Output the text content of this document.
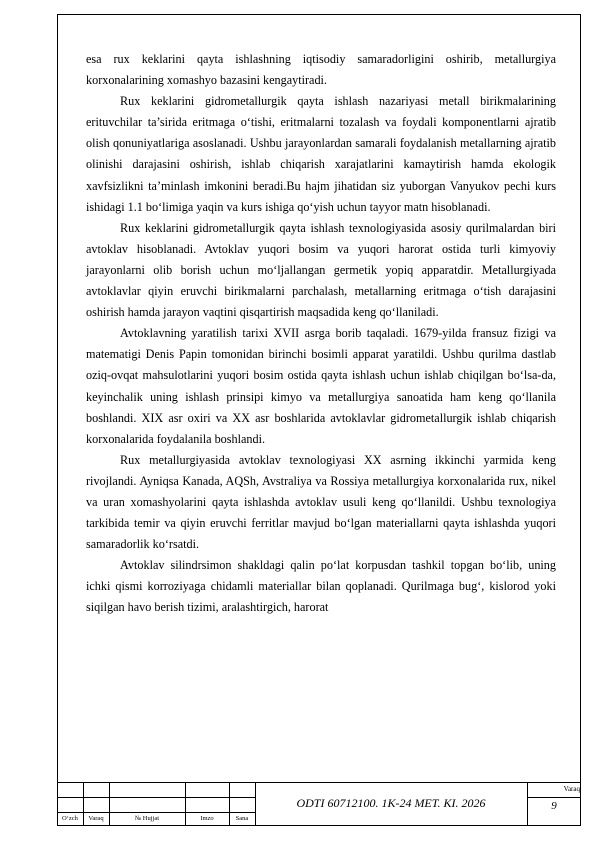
esa rux keklarini qayta ishlashning iqtisodiy samaradorligini oshirib, metallurgiya korxonalarining xomashyo bazasini kengaytiradi.

Rux keklarini gidrometallurgik qayta ishlash nazariyasi metall birikmalarining erituvchilar ta’sirida eritmaga o‘tishi, eritmalarni tozalash va foydali komponentlarni ajratib olish qonuniyatlariga asoslanadi. Ushbu jarayonlardan samarali foydalanish metallarning ajratib olinishi darajasini oshirish, ishlab chiqarish xarajatlarini kamaytirish hamda ekologik xavfsizlikni ta’minlash imkonini beradi.Bu hajm jihatidan siz yuborgan Vanyukov pechi kurs ishidagi 1.1 bo‘limiga yaqin va kurs ishiga qo‘yish uchun tayyor matn hisoblanadi.

Rux keklarini gidrometallurgik qayta ishlash texnologiyasida asosiy qurilmalardan biri avtoklav hisoblanadi. Avtoklav yuqori bosim va yuqori harorat ostida turli kimyoviy jarayonlarni olib borish uchun mo‘ljallangan germetik yopiq apparatdir. Metallurgiyada avtoklavlar qiyin eruvchi birikmalarni parchalash, metallarning eritmaga o‘tish darajasini oshirish hamda jarayon vaqtini qisqartirish maqsadida keng qo‘llaniladi.

Avtoklavning yaratilish tarixi XVII asrga borib taqaladi. 1679-yilda fransuz fizigi va matematigi Denis Papin tomonidan birinchi bosimli apparat yaratildi. Ushbu qurilma dastlab oziq-ovqat mahsulotlarini yuqori bosim ostida qayta ishlash uchun ishlab chiqilgan bo‘lsa-da, keyinchalik uning ishlash prinsipi kimyo va metallurgiya sanoatida ham keng qo‘llanila boshlandi. XIX asr oxiri va XX asr boshlarida avtoklavlar gidrometallurgik ishlab chiqarish korxonalarida foydalanila boshlandi.

Rux metallurgiyasida avtoklav texnologiyasi XX asrning ikkinchi yarmida keng rivojlandi. Ayniqsa Kanada, AQSh, Avstraliya va Rossiya metallurgiya korxonalarida rux, nikel va uran xomashyolarini qayta ishlashda avtoklav usuli keng qo‘llanildi. Ushbu texnologiya tarkibida temir va qiyin eruvchi ferritlar mavjud bo‘lgan materiallarni qayta ishlashda yuqori samaradorlik ko‘rsatdi.

Avtoklav silindrsimon shakldagi qalin po‘lat korpusdan tashkil topgan bo‘lib, uning ichki qismi korroziyaga chidamli materiallar bilan qoplanadi. Qurilmaga bug‘, kislorod yoki siqilgan havo berish tizimi, aralashtirgich, harorat

O‘zch	Varaq	№ Hujjat	Imzo	Sana
ODTI 60712100. 1K-24 MET. KI. 2026
Varaq
9
